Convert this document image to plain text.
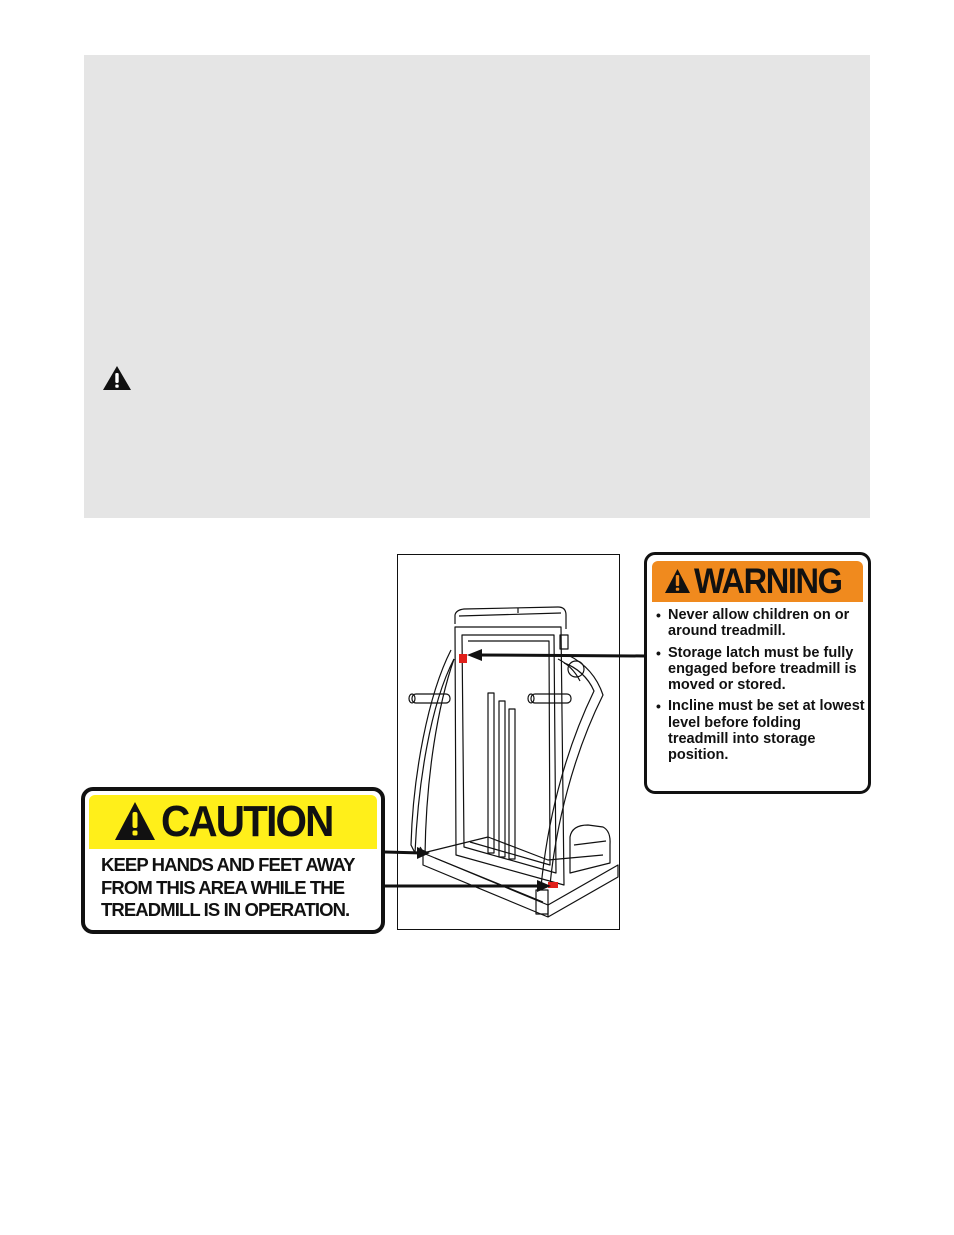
WARNING
• Never allow children on or around treadmill.
• Storage latch must be fully engaged before treadmill is moved or stored.
• Incline must be set at lowest level before folding treadmill into storage position.
CAUTION
KEEP HANDS AND FEET AWAY
FROM THIS AREA WHILE THE
TREADMILL IS IN OPERATION.
